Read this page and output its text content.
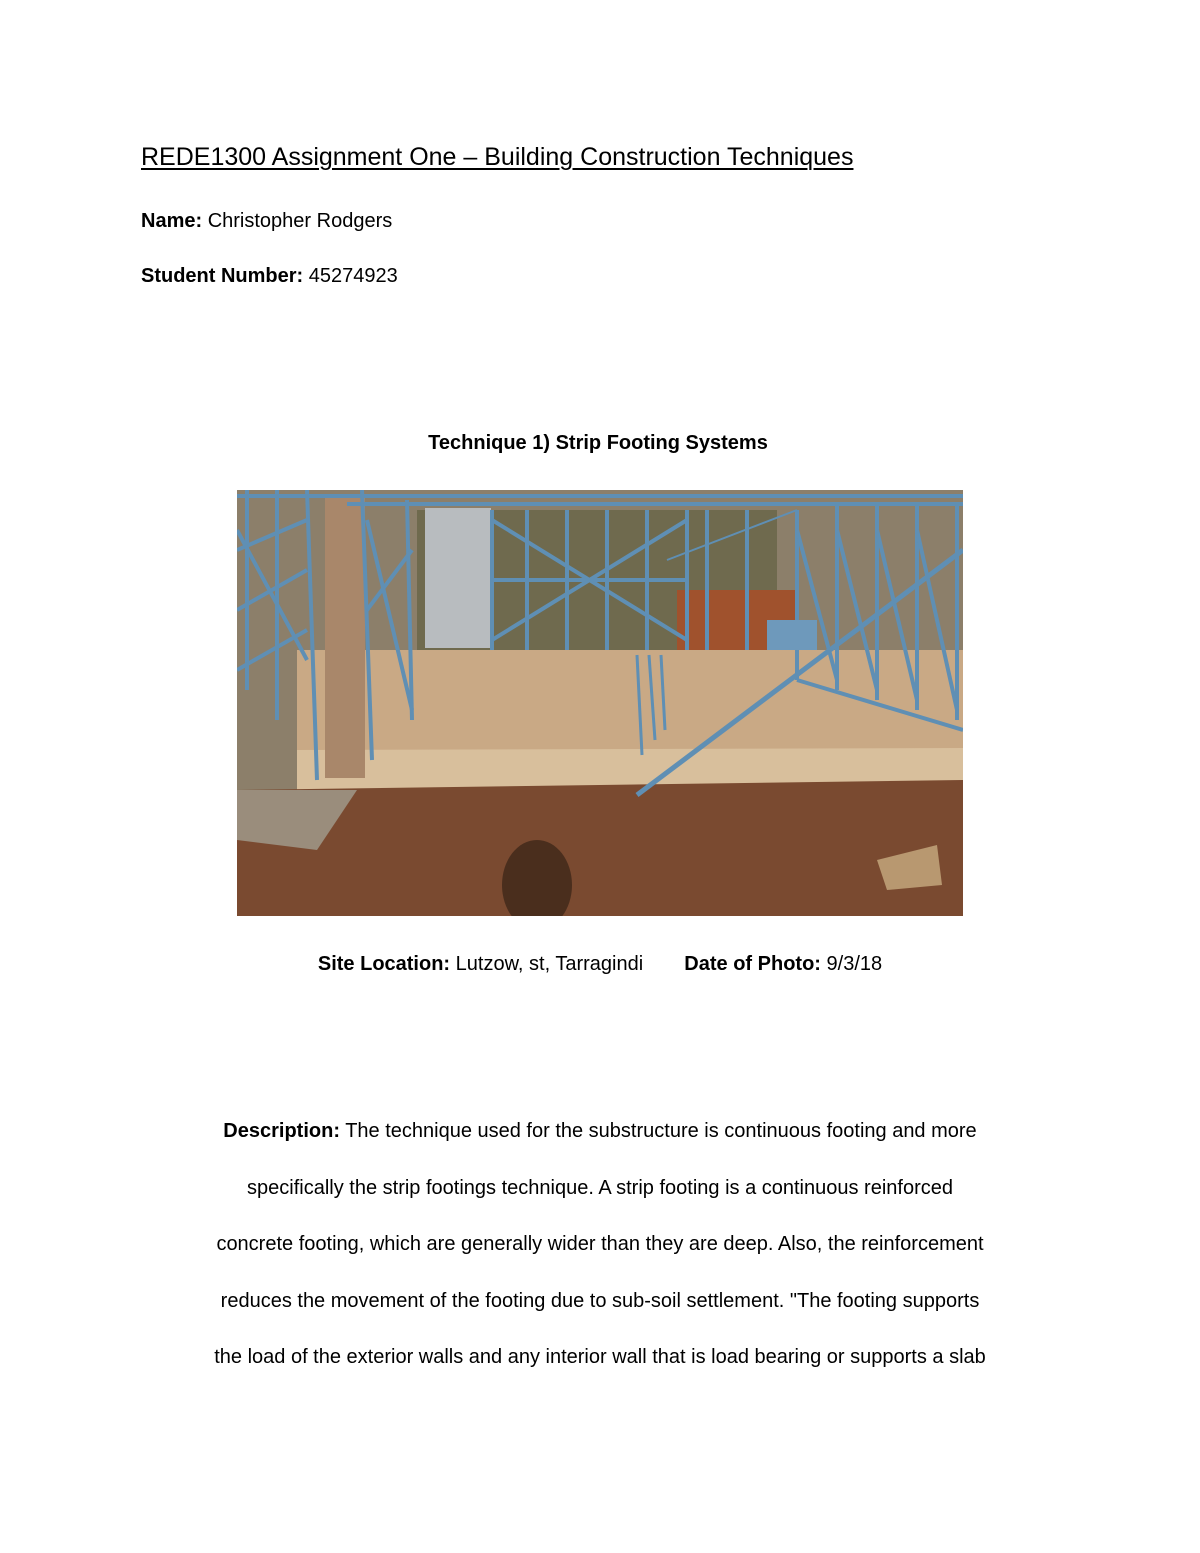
REDE1300 Assignment One – Building Construction Techniques
Name: Christopher Rodgers
Student Number: 45274923
Technique 1) Strip Footing Systems
Site Location: Lutzow, st, Tarragindi Date of Photo: 9/3/18
Description: The technique used for the substructure is continuous footing and more
specifically the strip footings technique. A strip footing is a continuous reinforced
concrete footing, which are generally wider than they are deep. Also, the reinforcement
reduces the movement of the footing due to sub-soil settlement. "The footing supports
the load of the exterior walls and any interior wall that is load bearing or supports a slab
